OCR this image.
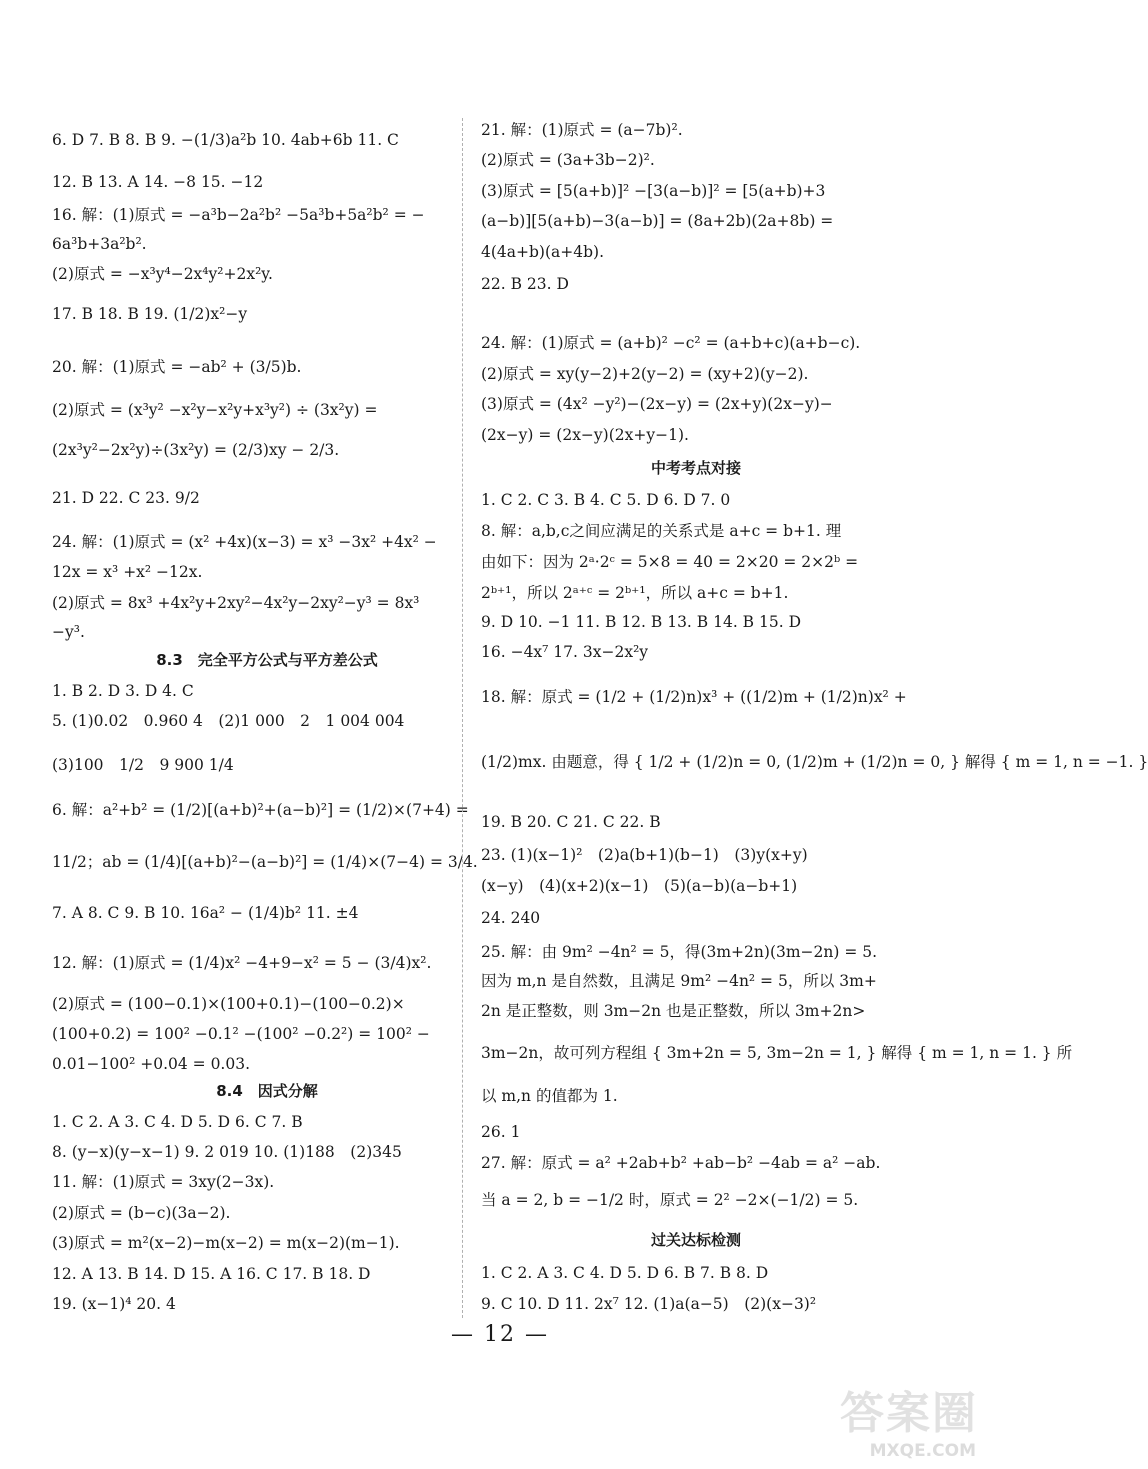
6. D 7. B 8. B 9. −(1/3)a²b 10. 4ab+6b 11. C
12. B 13. A 14. −8 15. −12
16. 解：(1)原式 = −a³b−2a²b² −5a³b+5a²b² = −
6a³b+3a²b².
(2)原式 = −x³y⁴−2x⁴y²+2x²y.
17. B 18. B 19. (1/2)x²−y
20. 解：(1)原式 = −ab² + (3/5)b.
(2)原式 = (x³y² −x²y−x²y+x³y²) ÷ (3x²y) =
(2x³y²−2x²y)÷(3x²y) = (2/3)xy − 2/3.
21. D 22. C 23. 9/2
24. 解：(1)原式 = (x² +4x)(x−3) = x³ −3x² +4x² −
12x = x³ +x² −12x.
(2)原式 = 8x³ +4x²y+2xy²−4x²y−2xy²−y³ = 8x³
−y³.
8.3　完全平方公式与平方差公式
1. B 2. D 3. D 4. C
5. (1)0.02　0.960 4　(2)1 000　2　1 004 004
(3)100　1/2　9 900 1/4
6. 解：a²+b² = (1/2)[(a+b)²+(a−b)²] = (1/2)×(7+4) =
11/2；ab = (1/4)[(a+b)²−(a−b)²] = (1/4)×(7−4) = 3/4.
7. A 8. C 9. B 10. 16a² − (1/4)b² 11. ±4
12. 解：(1)原式 = (1/4)x² −4+9−x² = 5 − (3/4)x².
(2)原式 = (100−0.1)×(100+0.1)−(100−0.2)×
(100+0.2) = 100² −0.1² −(100² −0.2²) = 100² −
0.01−100² +0.04 = 0.03.
8.4　因式分解
1. C 2. A 3. C 4. D 5. D 6. C 7. B
8. (y−x)(y−x−1) 9. 2 019 10. (1)188　(2)345
11. 解：(1)原式 = 3xy(2−3x).
(2)原式 = (b−c)(3a−2).
(3)原式 = m²(x−2)−m(x−2) = m(x−2)(m−1).
12. A 13. B 14. D 15. A 16. C 17. B 18. D
19. (x−1)⁴ 20. 4
21. 解：(1)原式 = (a−7b)².
(2)原式 = (3a+3b−2)².
(3)原式 = [5(a+b)]² −[3(a−b)]² = [5(a+b)+3
(a−b)][5(a+b)−3(a−b)] = (8a+2b)(2a+8b) =
4(4a+b)(a+4b).
22. B 23. D
24. 解：(1)原式 = (a+b)² −c² = (a+b+c)(a+b−c).
(2)原式 = xy(y−2)+2(y−2) = (xy+2)(y−2).
(3)原式 = (4x² −y²)−(2x−y) = (2x+y)(2x−y)−
(2x−y) = (2x−y)(2x+y−1).
中考考点对接
1. C 2. C 3. B 4. C 5. D 6. D 7. 0
8. 解：a,b,c之间应满足的关系式是 a+c = b+1. 理
由如下：因为 2ᵃ·2ᶜ = 5×8 = 40 = 2×20 = 2×2ᵇ =
2ᵇ⁺¹，所以 2ᵃ⁺ᶜ = 2ᵇ⁺¹，所以 a+c = b+1.
9. D 10. −1 11. B 12. B 13. B 14. B 15. D
16. −4x⁷ 17. 3x−2x²y
18. 解：原式 = (1/2 + (1/2)n)x³ + ((1/2)m + (1/2)n)x² +
(1/2)mx. 由题意，得 { 1/2 + (1/2)n = 0, (1/2)m + (1/2)n = 0, } 解得 { m = 1, n = −1. }
19. B 20. C 21. C 22. B
23. (1)(x−1)²　(2)a(b+1)(b−1)　(3)y(x+y)
(x−y)　(4)(x+2)(x−1)　(5)(a−b)(a−b+1)
24. 240
25. 解：由 9m² −4n² = 5，得(3m+2n)(3m−2n) = 5.
因为 m,n 是自然数，且满足 9m² −4n² = 5，所以 3m+
2n 是正整数，则 3m−2n 也是正整数，所以 3m+2n>
3m−2n，故可列方程组 { 3m+2n = 5, 3m−2n = 1, } 解得 { m = 1, n = 1. } 所
以 m,n 的值都为 1.
26. 1
27. 解：原式 = a² +2ab+b² +ab−b² −4ab = a² −ab.
当 a = 2, b = −1/2 时，原式 = 2² −2×(−1/2) = 5.
过关达标检测
1. C 2. A 3. C 4. D 5. D 6. B 7. B 8. D
9. C 10. D 11. 2x⁷ 12. (1)a(a−5)　(2)(x−3)²
— 12 —
答案圈
MXQE.COM
